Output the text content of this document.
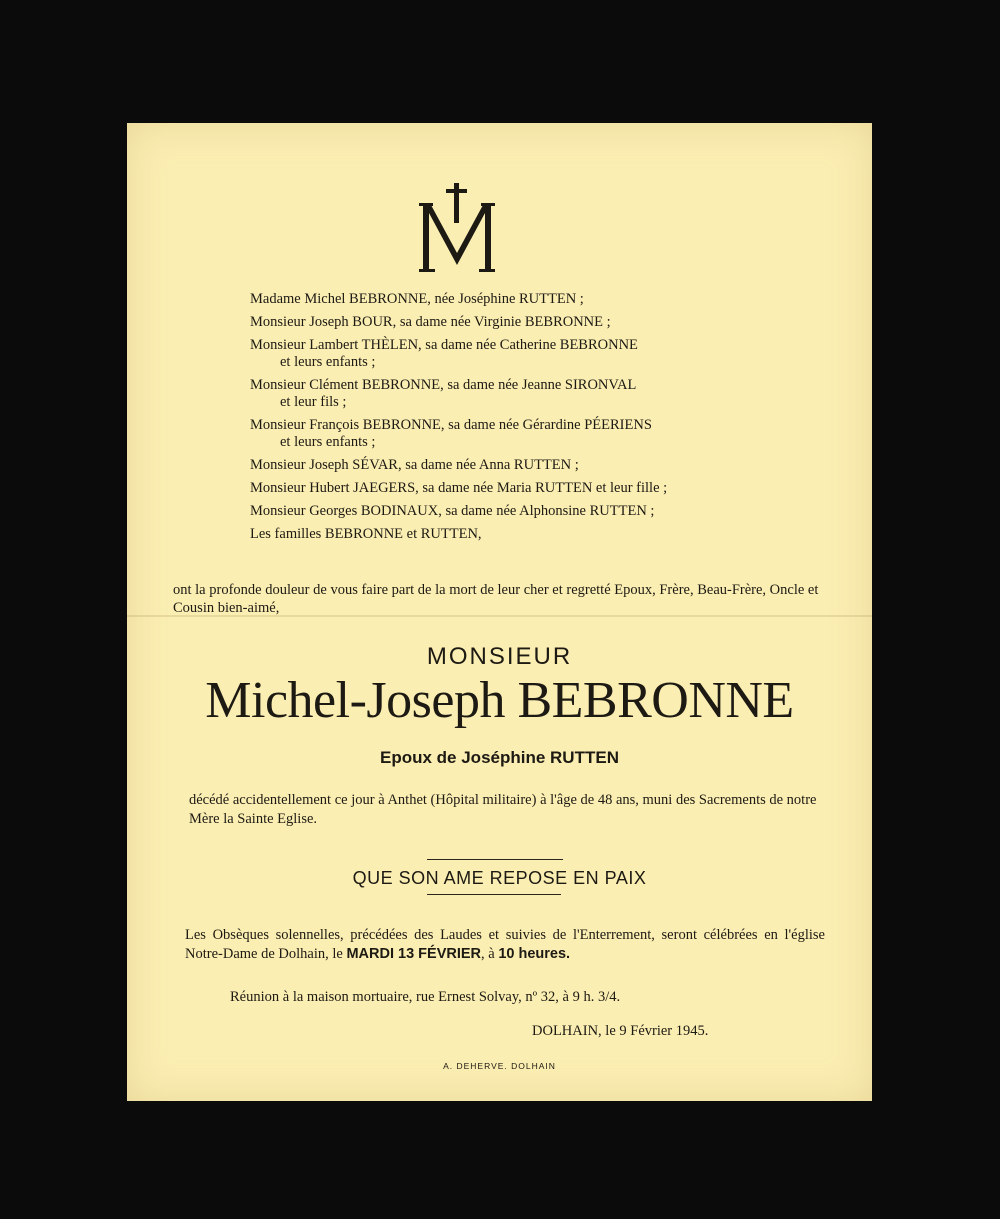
Madame Michel BEBRONNE, née Joséphine RUTTEN ;
Monsieur Joseph BOUR, sa dame née Virginie BEBRONNE ;
Monsieur Lambert THÈLEN, sa dame née Catherine BEBRONNE
et leurs enfants ;
Monsieur Clément BEBRONNE, sa dame née Jeanne SIRONVAL
et leur fils ;
Monsieur François BEBRONNE, sa dame née Gérardine PÉERIENS
et leurs enfants ;
Monsieur Joseph SÉVAR, sa dame née Anna RUTTEN ;
Monsieur Hubert JAEGERS, sa dame née Maria RUTTEN et leur fille ;
Monsieur Georges BODINAUX, sa dame née Alphonsine RUTTEN ;
Les familles BEBRONNE et RUTTEN,
ont la profonde douleur de vous faire part de la mort de leur cher et regretté Epoux, Frère, Beau-Frère, Oncle et Cousin bien-aimé,
MONSIEUR
Michel-Joseph BEBRONNE
Epoux de Joséphine RUTTEN
décédé accidentellement ce jour à Anthet (Hôpital militaire) à l'âge de 48 ans, muni des Sacrements de notre Mère la Sainte Eglise.
QUE SON AME REPOSE EN PAIX
Les Obsèques solennelles, précédées des Laudes et suivies de l'Enterrement, seront célébrées en l'église Notre-Dame de Dolhain, le MARDI 13 FÉVRIER, à 10 heures.
Réunion à la maison mortuaire, rue Ernest Solvay, nº 32, à 9 h. 3/4.
DOLHAIN, le 9 Février 1945.
A. DEHERVE. DOLHAIN
